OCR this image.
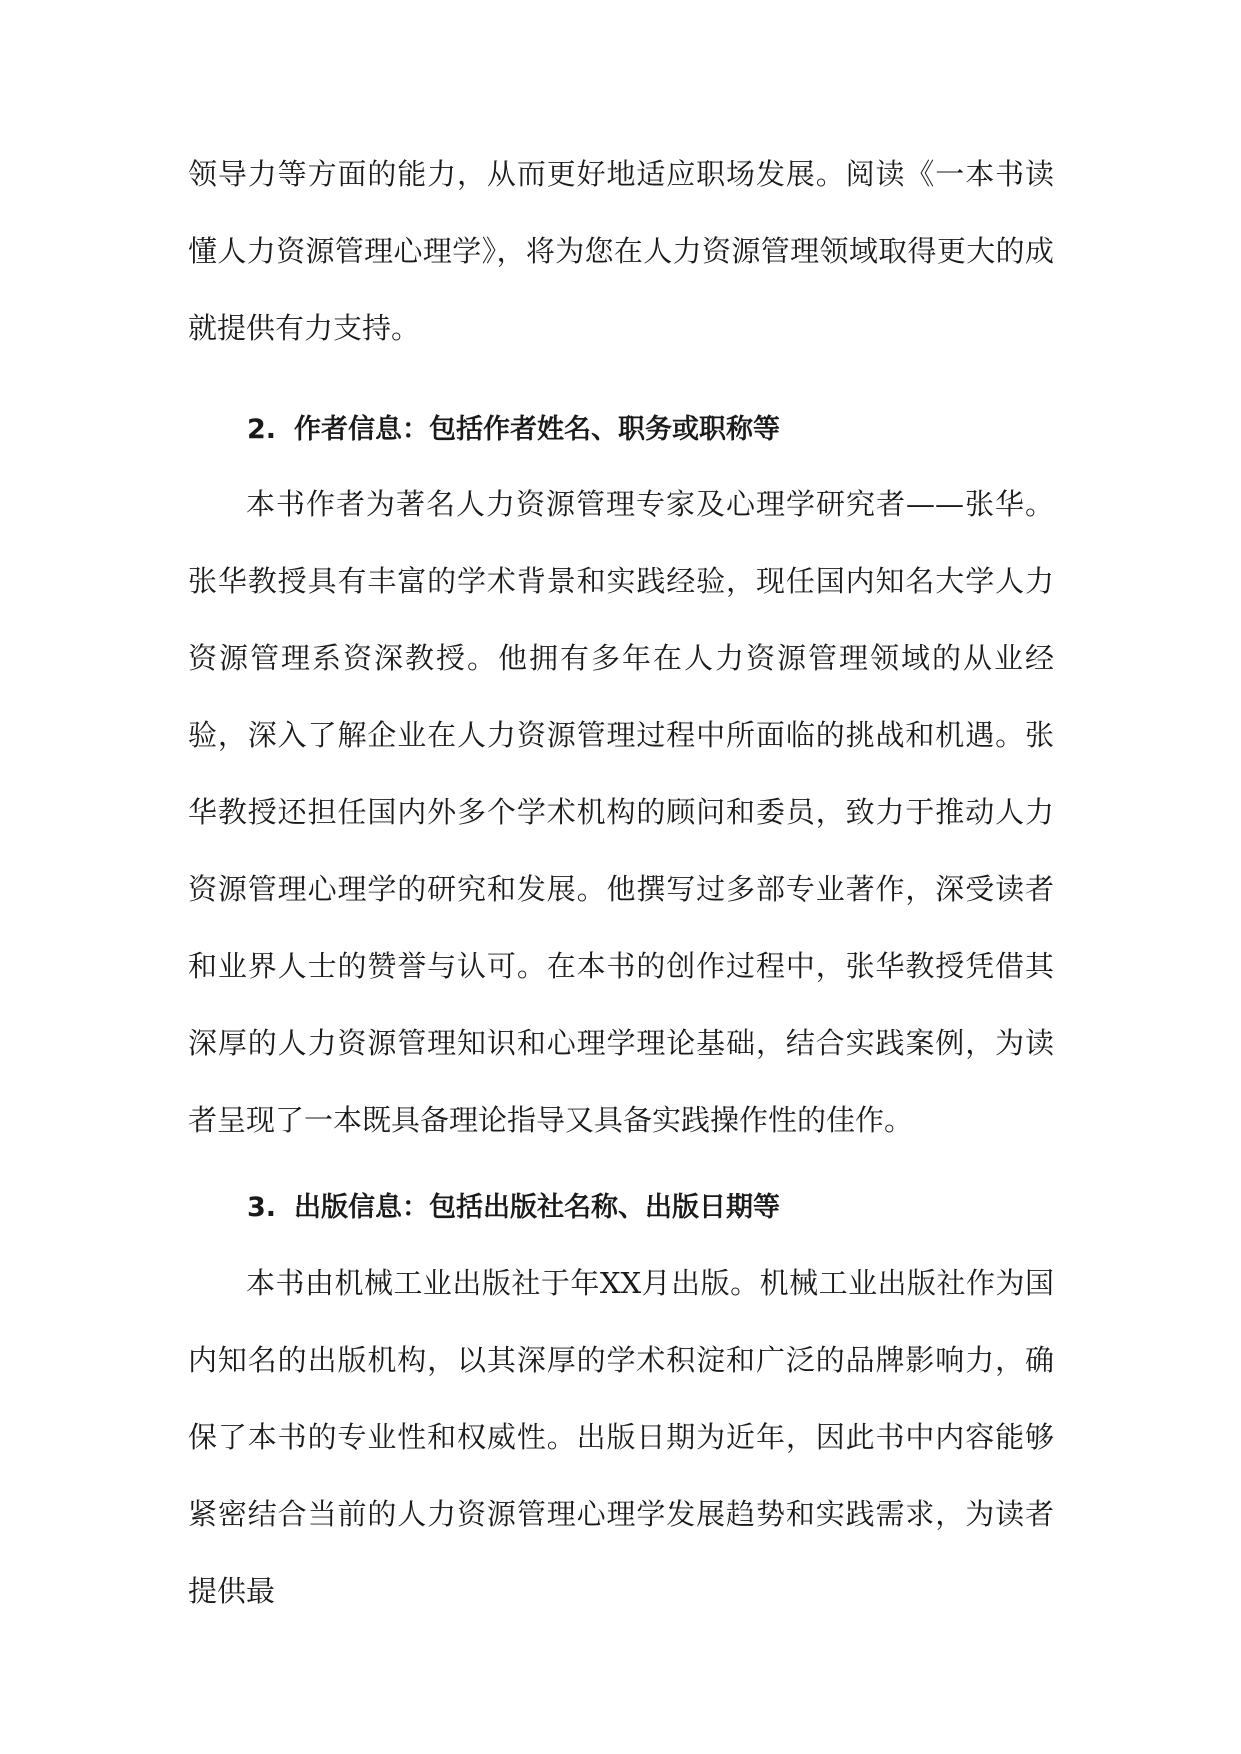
领导力等方面的能力，从而更好地适应职场发展。阅读《一本书读懂人力资源管理心理学》，将为您在人力资源管理领域取得更大的成就提供有力支持。

2. 作者信息：包括作者姓名、职务或职称等

本书作者为著名人力资源管理专家及心理学研究者——张华。张华教授具有丰富的学术背景和实践经验，现任国内知名大学人力资源管理系资深教授。他拥有多年在人力资源管理领域的从业经验，深入了解企业在人力资源管理过程中所面临的挑战和机遇。张华教授还担任国内外多个学术机构的顾问和委员，致力于推动人力资源管理心理学的研究和发展。他撰写过多部专业著作，深受读者和业界人士的赞誉与认可。在本书的创作过程中，张华教授凭借其深厚的人力资源管理知识和心理学理论基础，结合实践案例，为读者呈现了一本既具备理论指导又具备实践操作性的佳作。

3. 出版信息：包括出版社名称、出版日期等

本书由机械工业出版社于年XX月出版。机械工业出版社作为国内知名的出版机构，以其深厚的学术积淀和广泛的品牌影响力，确保了本书的专业性和权威性。出版日期为近年，因此书中内容能够紧密结合当前的人力资源管理心理学发展趋势和实践需求，为读者提供最
